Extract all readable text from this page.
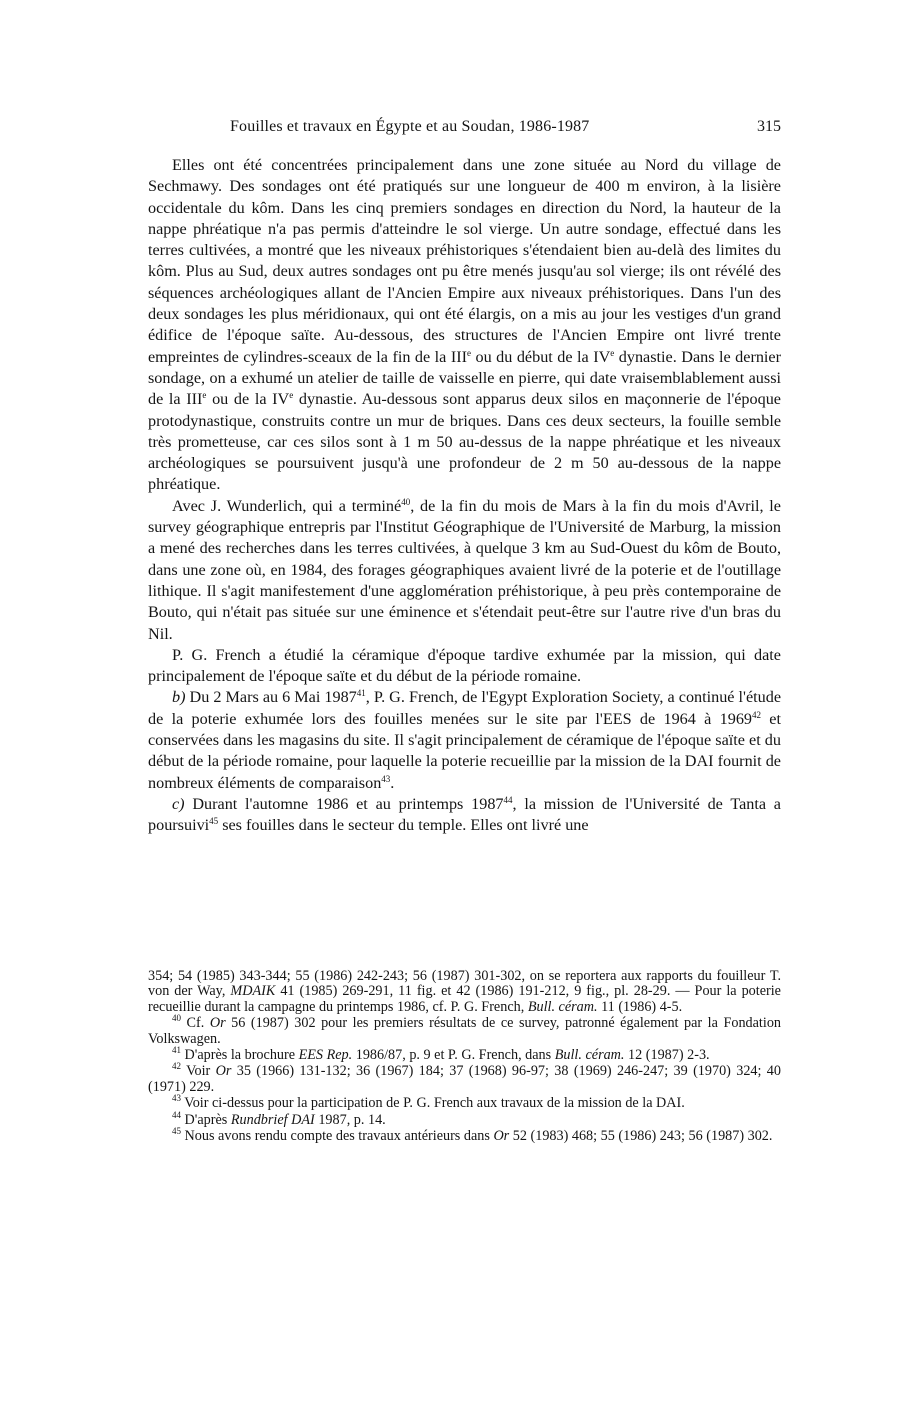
Fouilles et travaux en Égypte et au Soudan, 1986-1987	315

Elles ont été concentrées principalement dans une zone située au Nord du village de Sechmawy. Des sondages ont été pratiqués sur une longueur de 400 m environ, à la lisière occidentale du kôm. Dans les cinq premiers sondages en direction du Nord, la hauteur de la nappe phréatique n'a pas permis d'atteindre le sol vierge. Un autre sondage, effectué dans les terres cultivées, a montré que les niveaux préhistoriques s'étendaient bien au-delà des limites du kôm. Plus au Sud, deux autres sondages ont pu être menés jusqu'au sol vierge; ils ont révélé des séquences archéologiques allant de l'Ancien Empire aux niveaux préhistoriques. Dans l'un des deux sondages les plus méridionaux, qui ont été élargis, on a mis au jour les vestiges d'un grand édifice de l'époque saïte. Au-dessous, des structures de l'Ancien Empire ont livré trente empreintes de cylindres-sceaux de la fin de la IIIe ou du début de la IVe dynastie. Dans le dernier sondage, on a exhumé un atelier de taille de vaisselle en pierre, qui date vraisemblablement aussi de la IIIe ou de la IVe dynastie. Au-dessous sont apparus deux silos en maçonnerie de l'époque protodynastique, construits contre un mur de briques. Dans ces deux secteurs, la fouille semble très prometteuse, car ces silos sont à 1 m 50 au-dessus de la nappe phréatique et les niveaux archéologiques se poursuivent jusqu'à une profondeur de 2 m 50 au-dessous de la nappe phréatique.

Avec J. Wunderlich, qui a terminé$^{40}$, de la fin du mois de Mars à la fin du mois d'Avril, le survey géographique entrepris par l'Institut Géographique de l'Université de Marburg, la mission a mené des recherches dans les terres cultivées, à quelque 3 km au Sud-Ouest du kôm de Bouto, dans une zone où, en 1984, des forages géographiques avaient livré de la poterie et de l'outillage lithique. Il s'agit manifestement d'une agglomération préhistorique, à peu près contemporaine de Bouto, qui n'était pas située sur une éminence et s'étendait peut-être sur l'autre rive d'un bras du Nil.

P. G. French a étudié la céramique d'époque tardive exhumée par la mission, qui date principalement de l'époque saïte et du début de la période romaine.

b) Du 2 Mars au 6 Mai 1987$^{41}$, P. G. French, de l'Egypt Exploration Society, a continué l'étude de la poterie exhumée lors des fouilles menées sur le site par l'EES de 1964 à 1969$^{42}$ et conservées dans les magasins du site. Il s'agit principalement de céramique de l'époque saïte et du début de la période romaine, pour laquelle la poterie recueillie par la mission de la DAI fournit de nombreux éléments de comparaison$^{43}$.

c) Durant l'automne 1986 et au printemps 1987$^{44}$, la mission de l'Université de Tanta a poursuivi$^{45}$ ses fouilles dans le secteur du temple. Elles ont livré une

354; 54 (1985) 343-344; 55 (1986) 242-243; 56 (1987) 301-302, on se reportera aux rapports du fouilleur T. von der Way, MDAIK 41 (1985) 269-291, 11 fig. et 42 (1986) 191-212, 9 fig., pl. 28-29. — Pour la poterie recueillie durant la campagne du printemps 1986, cf. P. G. French, Bull. céram. 11 (1986) 4-5.

$^{40}$ Cf. Or 56 (1987) 302 pour les premiers résultats de ce survey, patronné également par la Fondation Volkswagen.

$^{41}$ D'après la brochure EES Rep. 1986/87, p. 9 et P. G. French, dans Bull. céram. 12 (1987) 2-3.

$^{42}$ Voir Or 35 (1966) 131-132; 36 (1967) 184; 37 (1968) 96-97; 38 (1969) 246-247; 39 (1970) 324; 40 (1971) 229.

$^{43}$ Voir ci-dessus pour la participation de P. G. French aux travaux de la mission de la DAI.

$^{44}$ D'après Rundbrief DAI 1987, p. 14.

$^{45}$ Nous avons rendu compte des travaux antérieurs dans Or 52 (1983) 468; 55 (1986) 243; 56 (1987) 302.
